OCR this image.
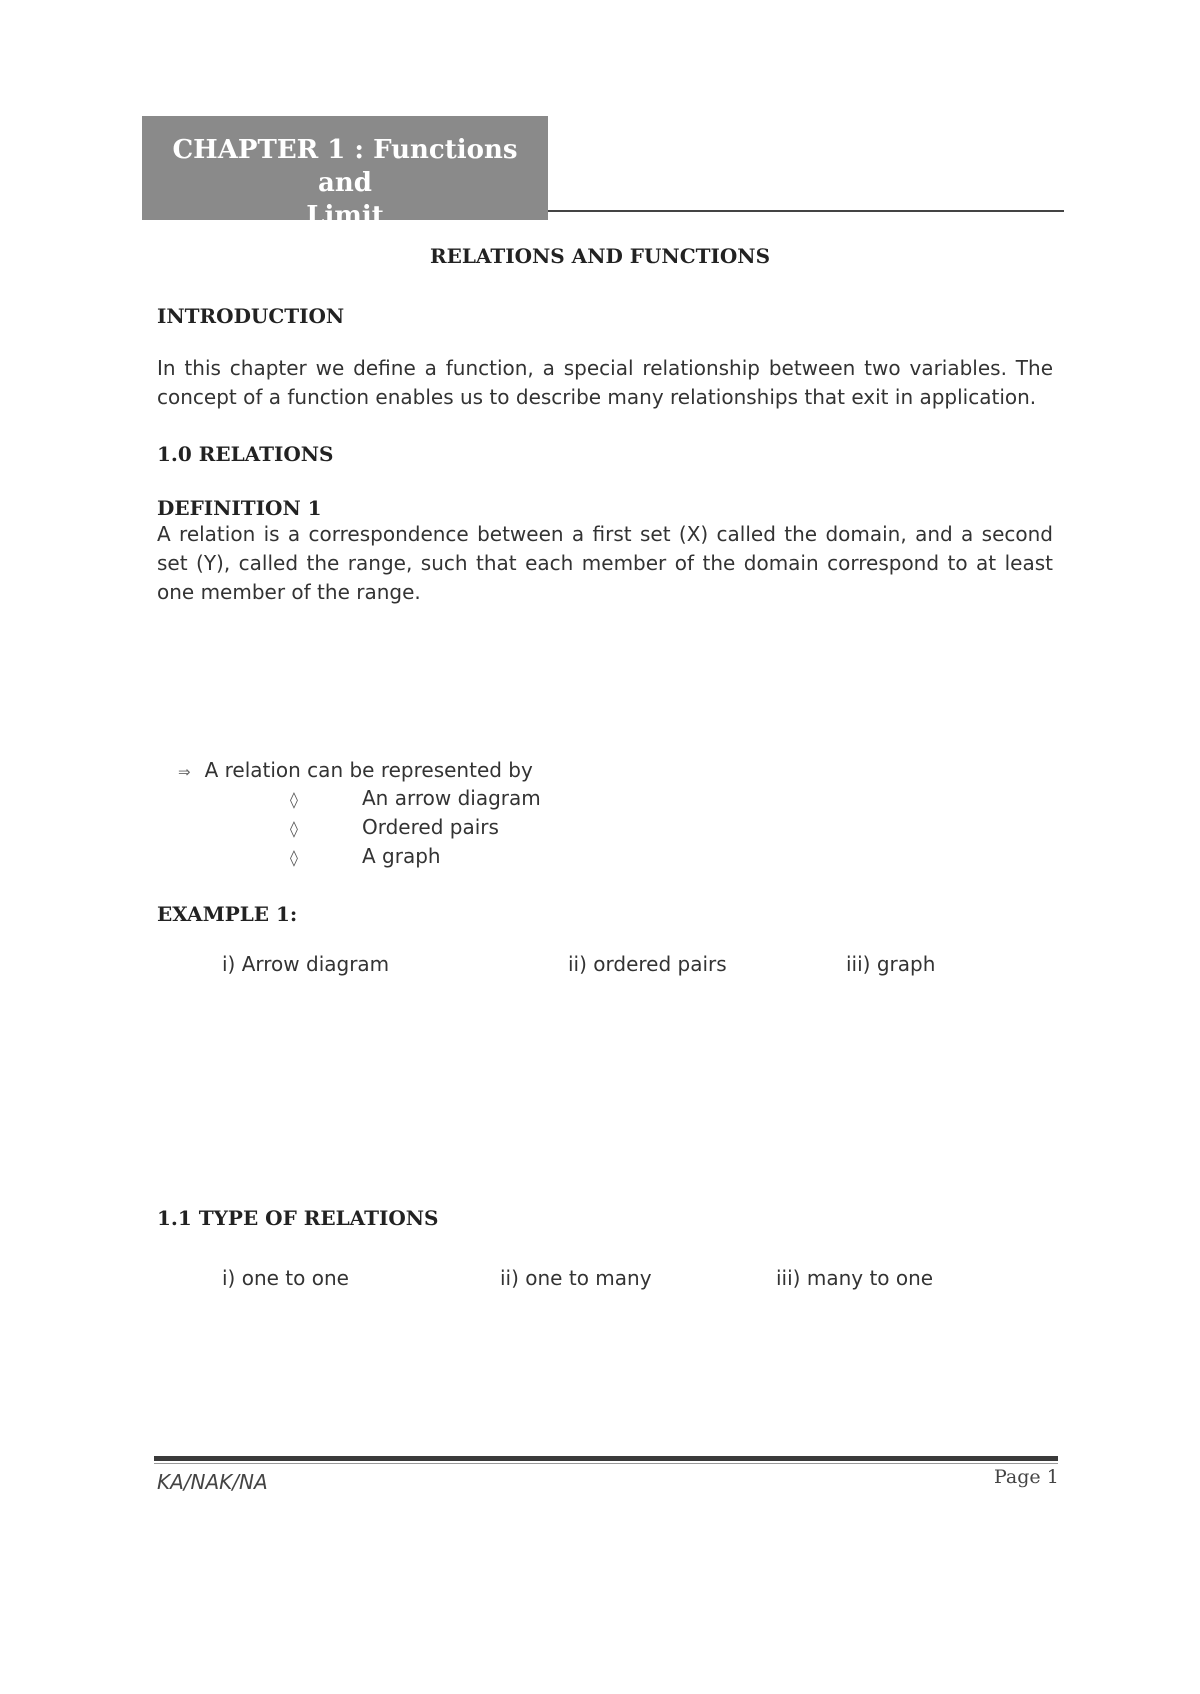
CHAPTER 1 : Functions and
Limit
RELATIONS AND FUNCTIONS
INTRODUCTION
In this chapter we define a function, a special relationship between two variables. The concept of a function enables us to describe many relationships that exit in application.
1.0 RELATIONS
DEFINITION 1
A relation is a correspondence between a first set (X) called the domain, and a second set (Y), called the range, such that each member of the domain correspond to at least one member of the range.
⇒ A relation can be represented by
◊	An arrow diagram
◊	Ordered pairs
◊	A graph
EXAMPLE 1:
i) Arrow diagram	ii) ordered pairs	iii) graph
1.1 TYPE OF RELATIONS
i) one to one	ii) one to many	iii) many to one
KA/NAK/NA	Page 1
